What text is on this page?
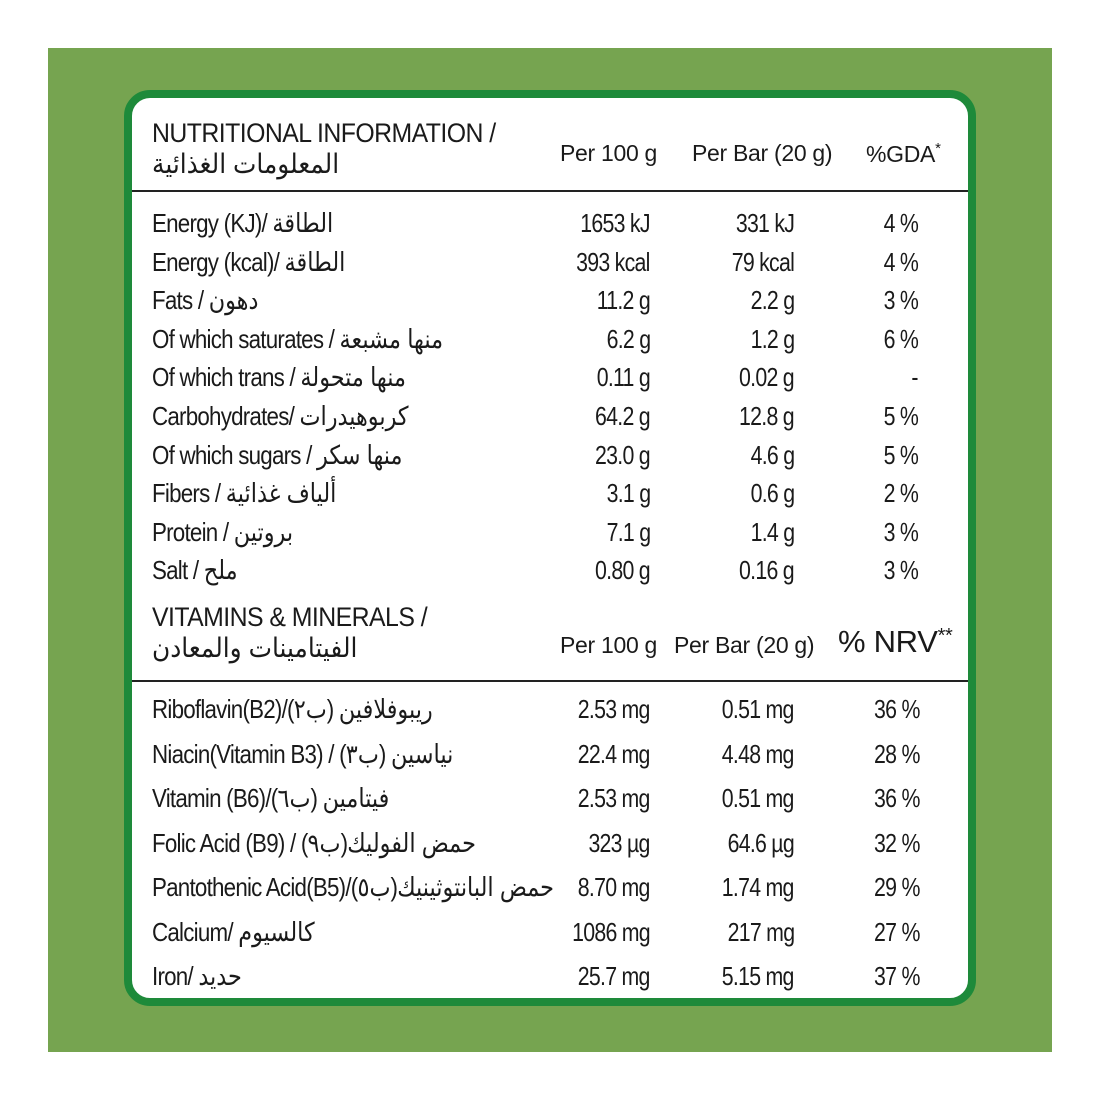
NUTRITIONAL INFORMATION /
المعلومات الغذائية	Per 100 g Per Bar (20 g) %GDA*
Energy (KJ)/ الطاقة	1653 kJ	331 kJ	4 %
Energy (kcal)/ الطاقة	393 kcal	79 kcal	4 %
Fats / دهون	11.2 g	2.2 g	3 %
Of which saturates / منها مشبعة	6.2 g	1.2 g	6 %
Of which trans / منها متحولة	0.11 g	0.02 g	-
Carbohydrates/ كربوهيدرات	64.2 g	12.8 g	5 %
Of which sugars / منها سكر	23.0 g	4.6 g	5 %
Fibers / ألياف غذائية	3.1 g	0.6 g	2 %
Protein / بروتين	7.1 g	1.4 g	3 %
Salt / ملح	0.80 g	0.16 g	3 %
VITAMINS & MINERALS /
الفيتامينات والمعادن	Per 100 g Per Bar (20 g) % NRV**
Riboflavin(B2)/(ب٢) ريبوفلافين	2.53 mg	0.51 mg	36 %
Niacin(Vitamin B3) / (ب٣) نياسين	22.4 mg	4.48 mg	28 %
Vitamin (B6)/(ب٦) فيتامين	2.53 mg	0.51 mg	36 %
Folic Acid (B9) / (ب٩)حمض الفوليك	323 µg	64.6 µg	32 %
Pantothenic Acid(B5)/(ب٥)حمض البانتوثينيك 8.70 mg	1.74 mg	29 %
Calcium/ كالسيوم	1086 mg	217 mg	27 %
Iron/ حديد	25.7 mg	5.15 mg	37 %
